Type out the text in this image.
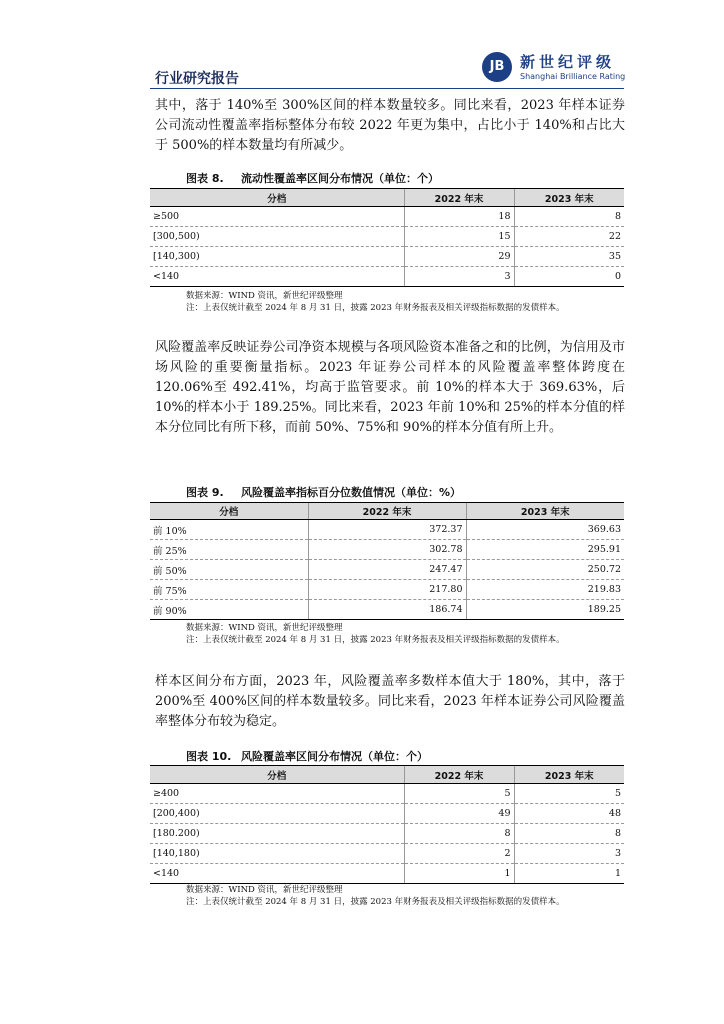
行业研究报告
JB 新世纪评级
Shanghai Brilliance Rating
其中，落于 140%至 300%区间的样本数量较多。同比来看，2023 年样本证券公司流动性覆盖率指标整体分布较 2022 年更为集中，占比小于 140%和占比大于 500%的样本数量均有所减少。
图表 8. 流动性覆盖率区间分布情况（单位：个）
分档	2022 年末	2023 年末
≥500	18	8
[300,500)	15	22
[140,300)	29	35
<140	3	0
数据来源：WIND 资讯，新世纪评级整理
注：上表仅统计截至 2024 年 8 月 31 日，披露 2023 年财务报表及相关评级指标数据的发债样本。
风险覆盖率反映证券公司净资本规模与各项风险资本准备之和的比例，为信用及市场风险的重要衡量指标。2023 年证券公司样本的风险覆盖率整体跨度在 120.06%至 492.41%，均高于监管要求。前 10%的样本大于 369.63%，后 10%的样本小于 189.25%。同比来看，2023 年前 10%和 25%的样本分值的样本分位同比有所下移，而前 50%、75%和 90%的样本分值有所上升。
图表 9. 风险覆盖率指标百分位数值情况（单位：%）
分档	2022 年末	2023 年末
前 10%	372.37	369.63
前 25%	302.78	295.91
前 50%	247.47	250.72
前 75%	217.80	219.83
前 90%	186.74	189.25
数据来源：WIND 资讯，新世纪评级整理
注：上表仅统计截至 2024 年 8 月 31 日，披露 2023 年财务报表及相关评级指标数据的发债样本。
样本区间分布方面，2023 年，风险覆盖率多数样本值大于 180%，其中，落于 200%至 400%区间的样本数量较多。同比来看，2023 年样本证券公司风险覆盖率整体分布较为稳定。
图表 10. 风险覆盖率区间分布情况（单位：个）
分档	2022 年末	2023 年末
≥400	5	5
[200,400)	49	48
[180.200)	8	8
[140,180)	2	3
<140	1	1
数据来源：WIND 资讯，新世纪评级整理
注：上表仅统计截至 2024 年 8 月 31 日，披露 2023 年财务报表及相关评级指标数据的发债样本。
